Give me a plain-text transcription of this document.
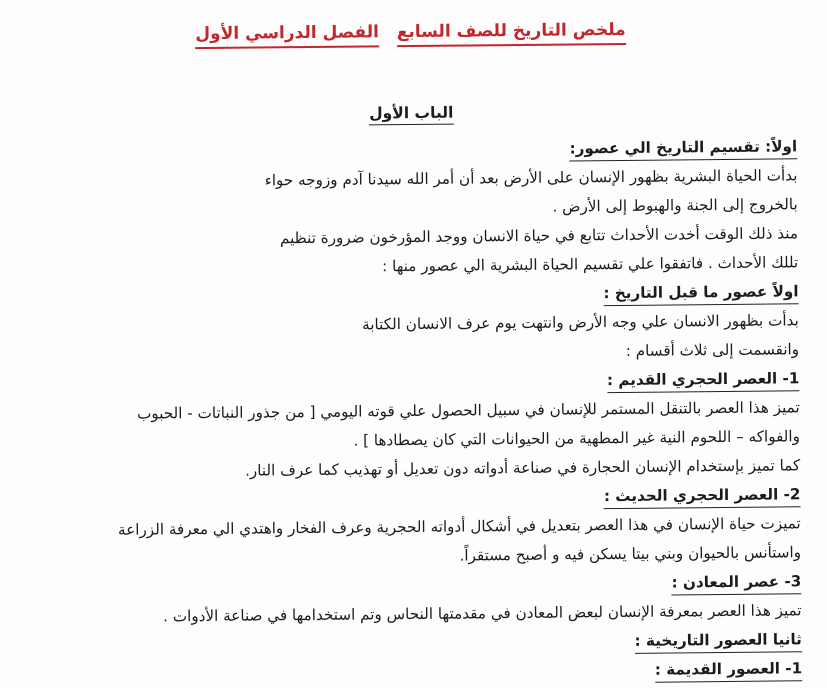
ملخص التاريخ للصف السابع الفصل الدراسي الأول
الباب الأول
اولاً: تقسيم التاريخ الي عصور:
بدأت الحياة البشرية بظهور الإنسان على الأرض بعد أن أمر الله سيدنا آدم وزوجه حواء
بالخروج إلى الجنة والهبوط إلى الأرض .
منذ ذلك الوقت أخدت الأحداث تتابع في حياة الانسان ووجد المؤرخون ضرورة تنظيم
تللك الأحداث . فاتفقوا علي تقسيم الحياة البشرية الي عصور منها :
اولاً عصور ما قبل التاريخ :
بدأت بظهور الانسان علي وجه الأرض وانتهت يوم عرف الانسان الكتابة
وانقسمت إلى ثلاث أقسام :
1- العصر الحجري القديم :
تميز هذا العصر بالتنقل المستمر للإنسان في سبيل الحصول علي قوته اليومي [ من جذور النباتات - الحبوب
والفواكه – اللحوم النية غير المطهية من الحيوانات التي كان يصطادها ] .
كما تميز بإستخدام الإنسان الحجارة في صناعة أدواته دون تعديل أو تهذيب كما عرف النار.
2- العصر الحجري الحديث :
تميزت حياة الإنسان في هذا العصر بتعديل في أشكال أدواته الحجرية وعرف الفخار واهتدي الي معرفة الزراعة
واستأنس بالحيوان وبني بيتا يسكن فيه و أصبح مستقراً.
3- عصر المعادن :
تميز هذا العصر بمعرفة الإنسان لبعض المعادن في مقدمتها النحاس وتم استخدامها في صناعة الأدوات .
ثانيا العصور التاريخية :
1- العصور القديمة :
